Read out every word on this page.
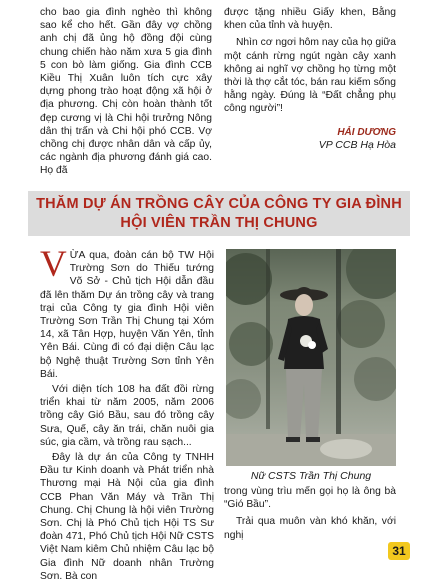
cho bao gia đình nghèo thì không sao kể cho hết. Gần đây vợ chồng anh chị đã ủng hộ đồng đội cùng chung chiến hào năm xưa 5 gia đình 5 con bò làm giống. Gia đình CCB Kiều Thị Xuân luôn tích cực xây dựng phong trào hoạt động xã hội ở địa phương. Chị còn hoàn thành tốt đẹp cương vị là Chi hội trưởng Nông dân thị trấn và Chi hội phó CCB. Vợ chồng chị được nhân dân và cấp ủy, các ngành địa phương đánh giá cao. Họ đã

được tặng nhiều Giấy khen, Bằng khen của tỉnh và huyện.

Nhìn cơ ngơi hôm nay của họ giữa một cánh rừng ngút ngàn cây xanh không ai nghĩ vợ chồng họ từng một thời là thợ cắt tóc, bán rau kiếm sống hằng ngày. Đúng là “Đất chẳng phụ công người”!

HẢI DƯƠNG
VP CCB Hạ Hòa
THĂM DỰ ÁN TRỒNG CÂY CỦA CÔNG TY GIA ĐÌNH HỘI VIÊN TRẦN THỊ CHUNG

VỪA qua, đoàn cán bộ TW Hội Trường Sơn do Thiếu tướng Võ Sở - Chủ tịch Hội dẫn đầu đã lên thăm Dự án trồng cây và trang trại của Công ty gia đình Hội viên Trường Sơn Trần Thị Chung tại Xóm 14, xã Tân Hợp, huyện Văn Yên, tỉnh Yên Bái. Cùng đi có đại diện Câu lạc bộ Nghệ thuật Trường Sơn tỉnh Yên Bái.

Với diện tích 108 ha đất đồi rừng triển khai từ năm 2005, năm 2006 trồng cây Gió Bầu, sau đó trồng cây Sưa, Quế, cây ăn trái, chăn nuôi gia súc, gia cầm, và trồng rau sạch...

Đây là dự án của Công ty TNHH Đầu tư Kinh doanh và Phát triển nhà Thương mại Hà Nội của gia đình CCB Phan Văn Máy và Trần Thị Chung. Chị Chung là hội viên Trường Sơn. Chị là Phó Chủ tịch Hội TS Sư đoàn 471, Phó Chủ tịch Hội Nữ CSTS Việt Nam kiêm Chủ nhiệm Câu lạc bộ Gia đình Nữ doanh nhân Trường Sơn. Bà con

Nữ CSTS Trần Thị Chung

trong vùng trìu mến gọi họ là ông bà “Gió Bầu”.

Trải qua muôn vàn khó khăn, với nghị

31
